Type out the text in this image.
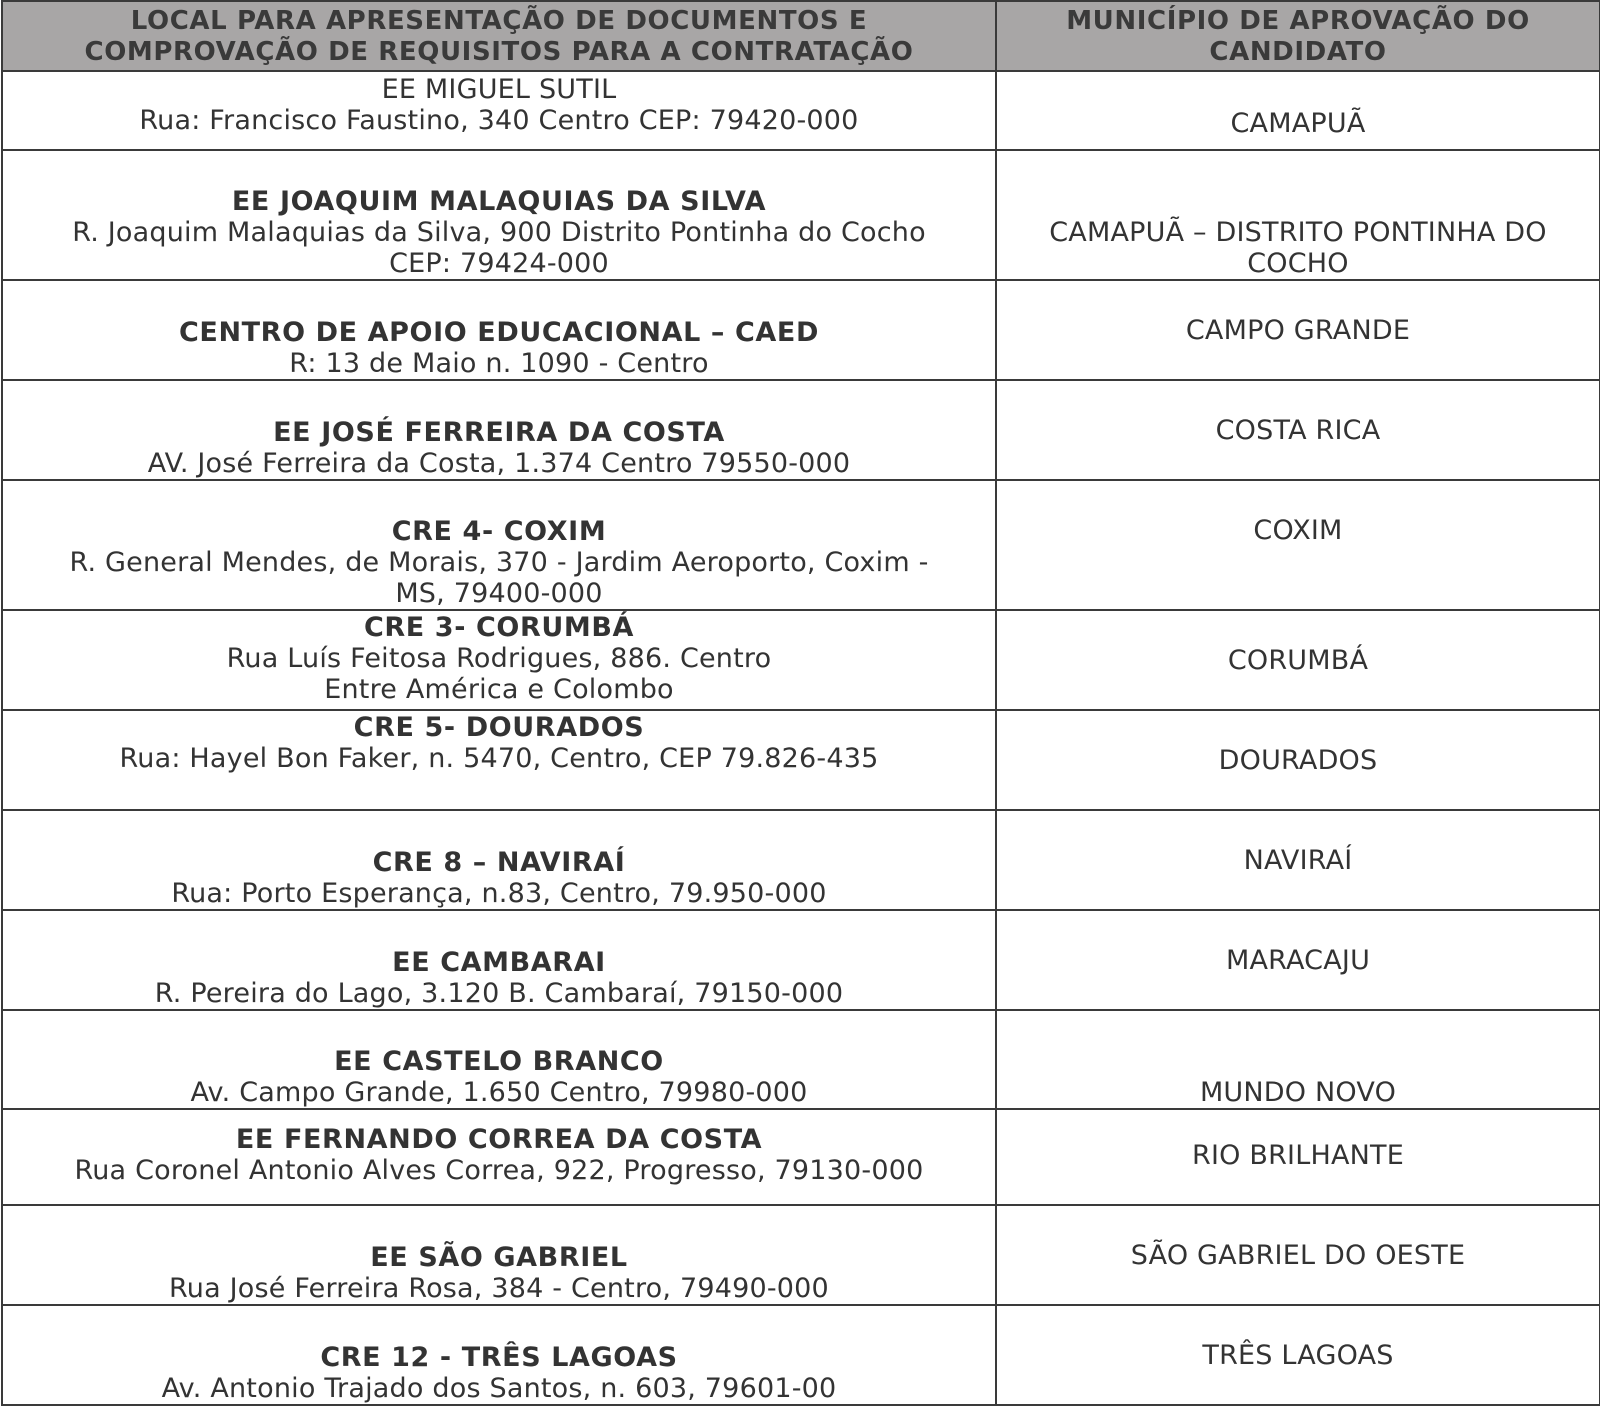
LOCAL PARA APRESENTAÇÃO DE DOCUMENTOS E
COMPROVAÇÃO DE REQUISITOS PARA A CONTRATAÇÃO	MUNICÍPIO DE APROVAÇÃO DO
CANDIDATO

EE MIGUEL SUTIL
Rua: Francisco Faustino, 340 Centro CEP: 79420-000	CAMAPUÃ

EE JOAQUIM MALAQUIAS DA SILVA
R. Joaquim Malaquias da Silva, 900 Distrito Pontinha do Cocho
CEP: 79424-000	CAMAPUÃ – DISTRITO PONTINHA DO
COCHO

CENTRO DE APOIO EDUCACIONAL – CAED
R: 13 de Maio n. 1090 - Centro	CAMPO GRANDE

EE JOSÉ FERREIRA DA COSTA
AV. José Ferreira da Costa, 1.374 Centro 79550-000	COSTA RICA

CRE 4- COXIM
R. General Mendes, de Morais, 370 - Jardim Aeroporto, Coxim -
MS, 79400-000	COXIM

CRE 3- CORUMBÁ
Rua Luís Feitosa Rodrigues, 886. Centro
Entre América e Colombo	CORUMBÁ

CRE 5- DOURADOS
Rua: Hayel Bon Faker, n. 5470, Centro, CEP 79.826-435	DOURADOS

CRE 8 – NAVIRAÍ
Rua: Porto Esperança, n.83, Centro, 79.950-000	NAVIRAÍ

EE CAMBARAI
R. Pereira do Lago, 3.120 B. Cambaraí, 79150-000	MARACAJU

EE CASTELO BRANCO
Av. Campo Grande, 1.650 Centro, 79980-000	MUNDO NOVO

EE FERNANDO CORREA DA COSTA
Rua Coronel Antonio Alves Correa, 922, Progresso, 79130-000	RIO BRILHANTE

EE SÃO GABRIEL
Rua José Ferreira Rosa, 384 - Centro, 79490-000	SÃO GABRIEL DO OESTE

CRE 12 - TRÊS LAGOAS
Av. Antonio Trajado dos Santos, n. 603, 79601-00	TRÊS LAGOAS
